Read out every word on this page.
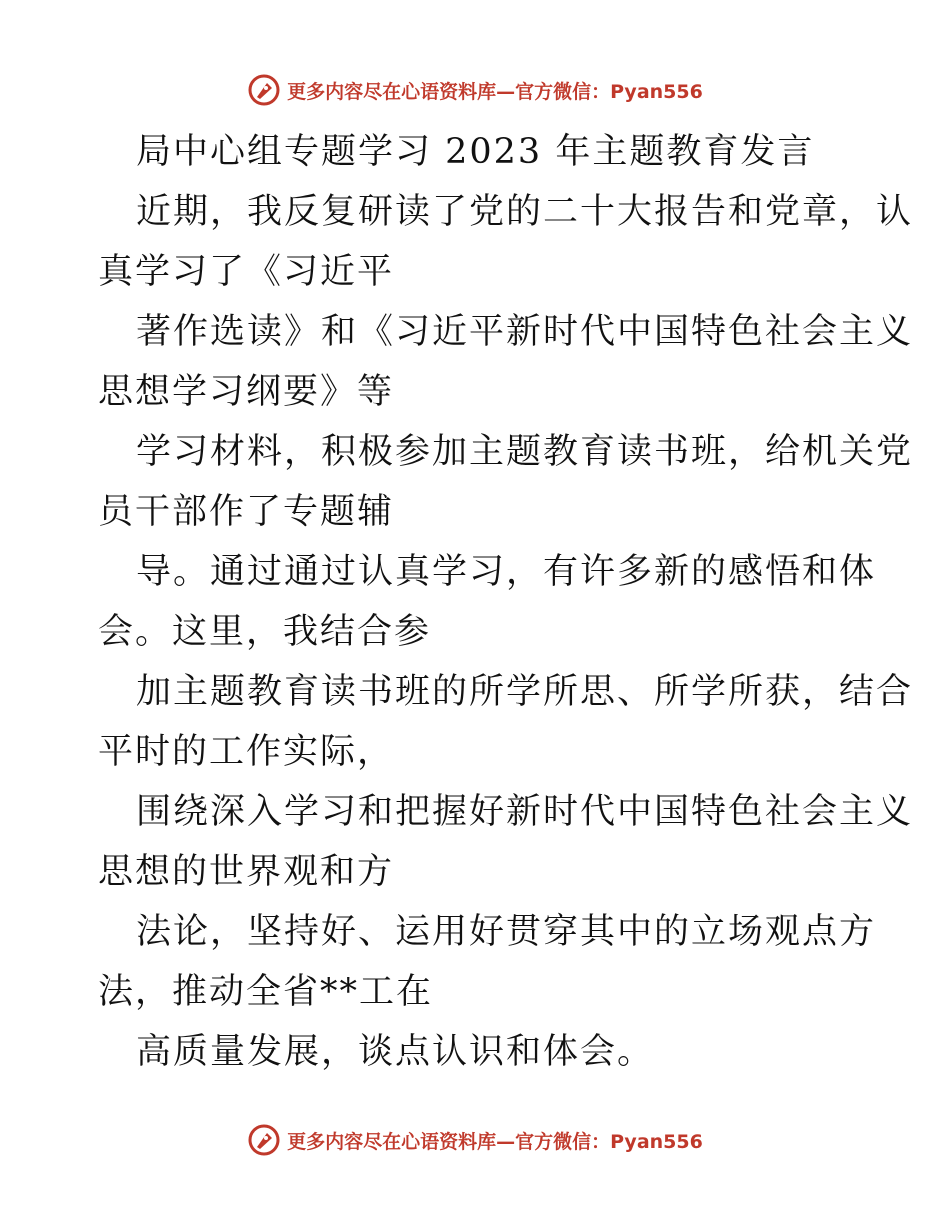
更多内容尽在心语资料库—官方微信：Pyan556
局中心组专题学习 2023 年主题教育发言
近期，我反复研读了党的二十大报告和党章，认
真学习了《习近平
著作选读》和《习近平新时代中国特色社会主义
思想学习纲要》等
学习材料，积极参加主题教育读书班，给机关党
员干部作了专题辅
导。通过通过认真学习，有许多新的感悟和体
会。这里，我结合参
加主题教育读书班的所学所思、所学所获，结合
平时的工作实际，
围绕深入学习和把握好新时代中国特色社会主义
思想的世界观和方
法论，坚持好、运用好贯穿其中的立场观点方
法，推动全省**工在
高质量发展，谈点认识和体会。
更多内容尽在心语资料库—官方微信：Pyan556
